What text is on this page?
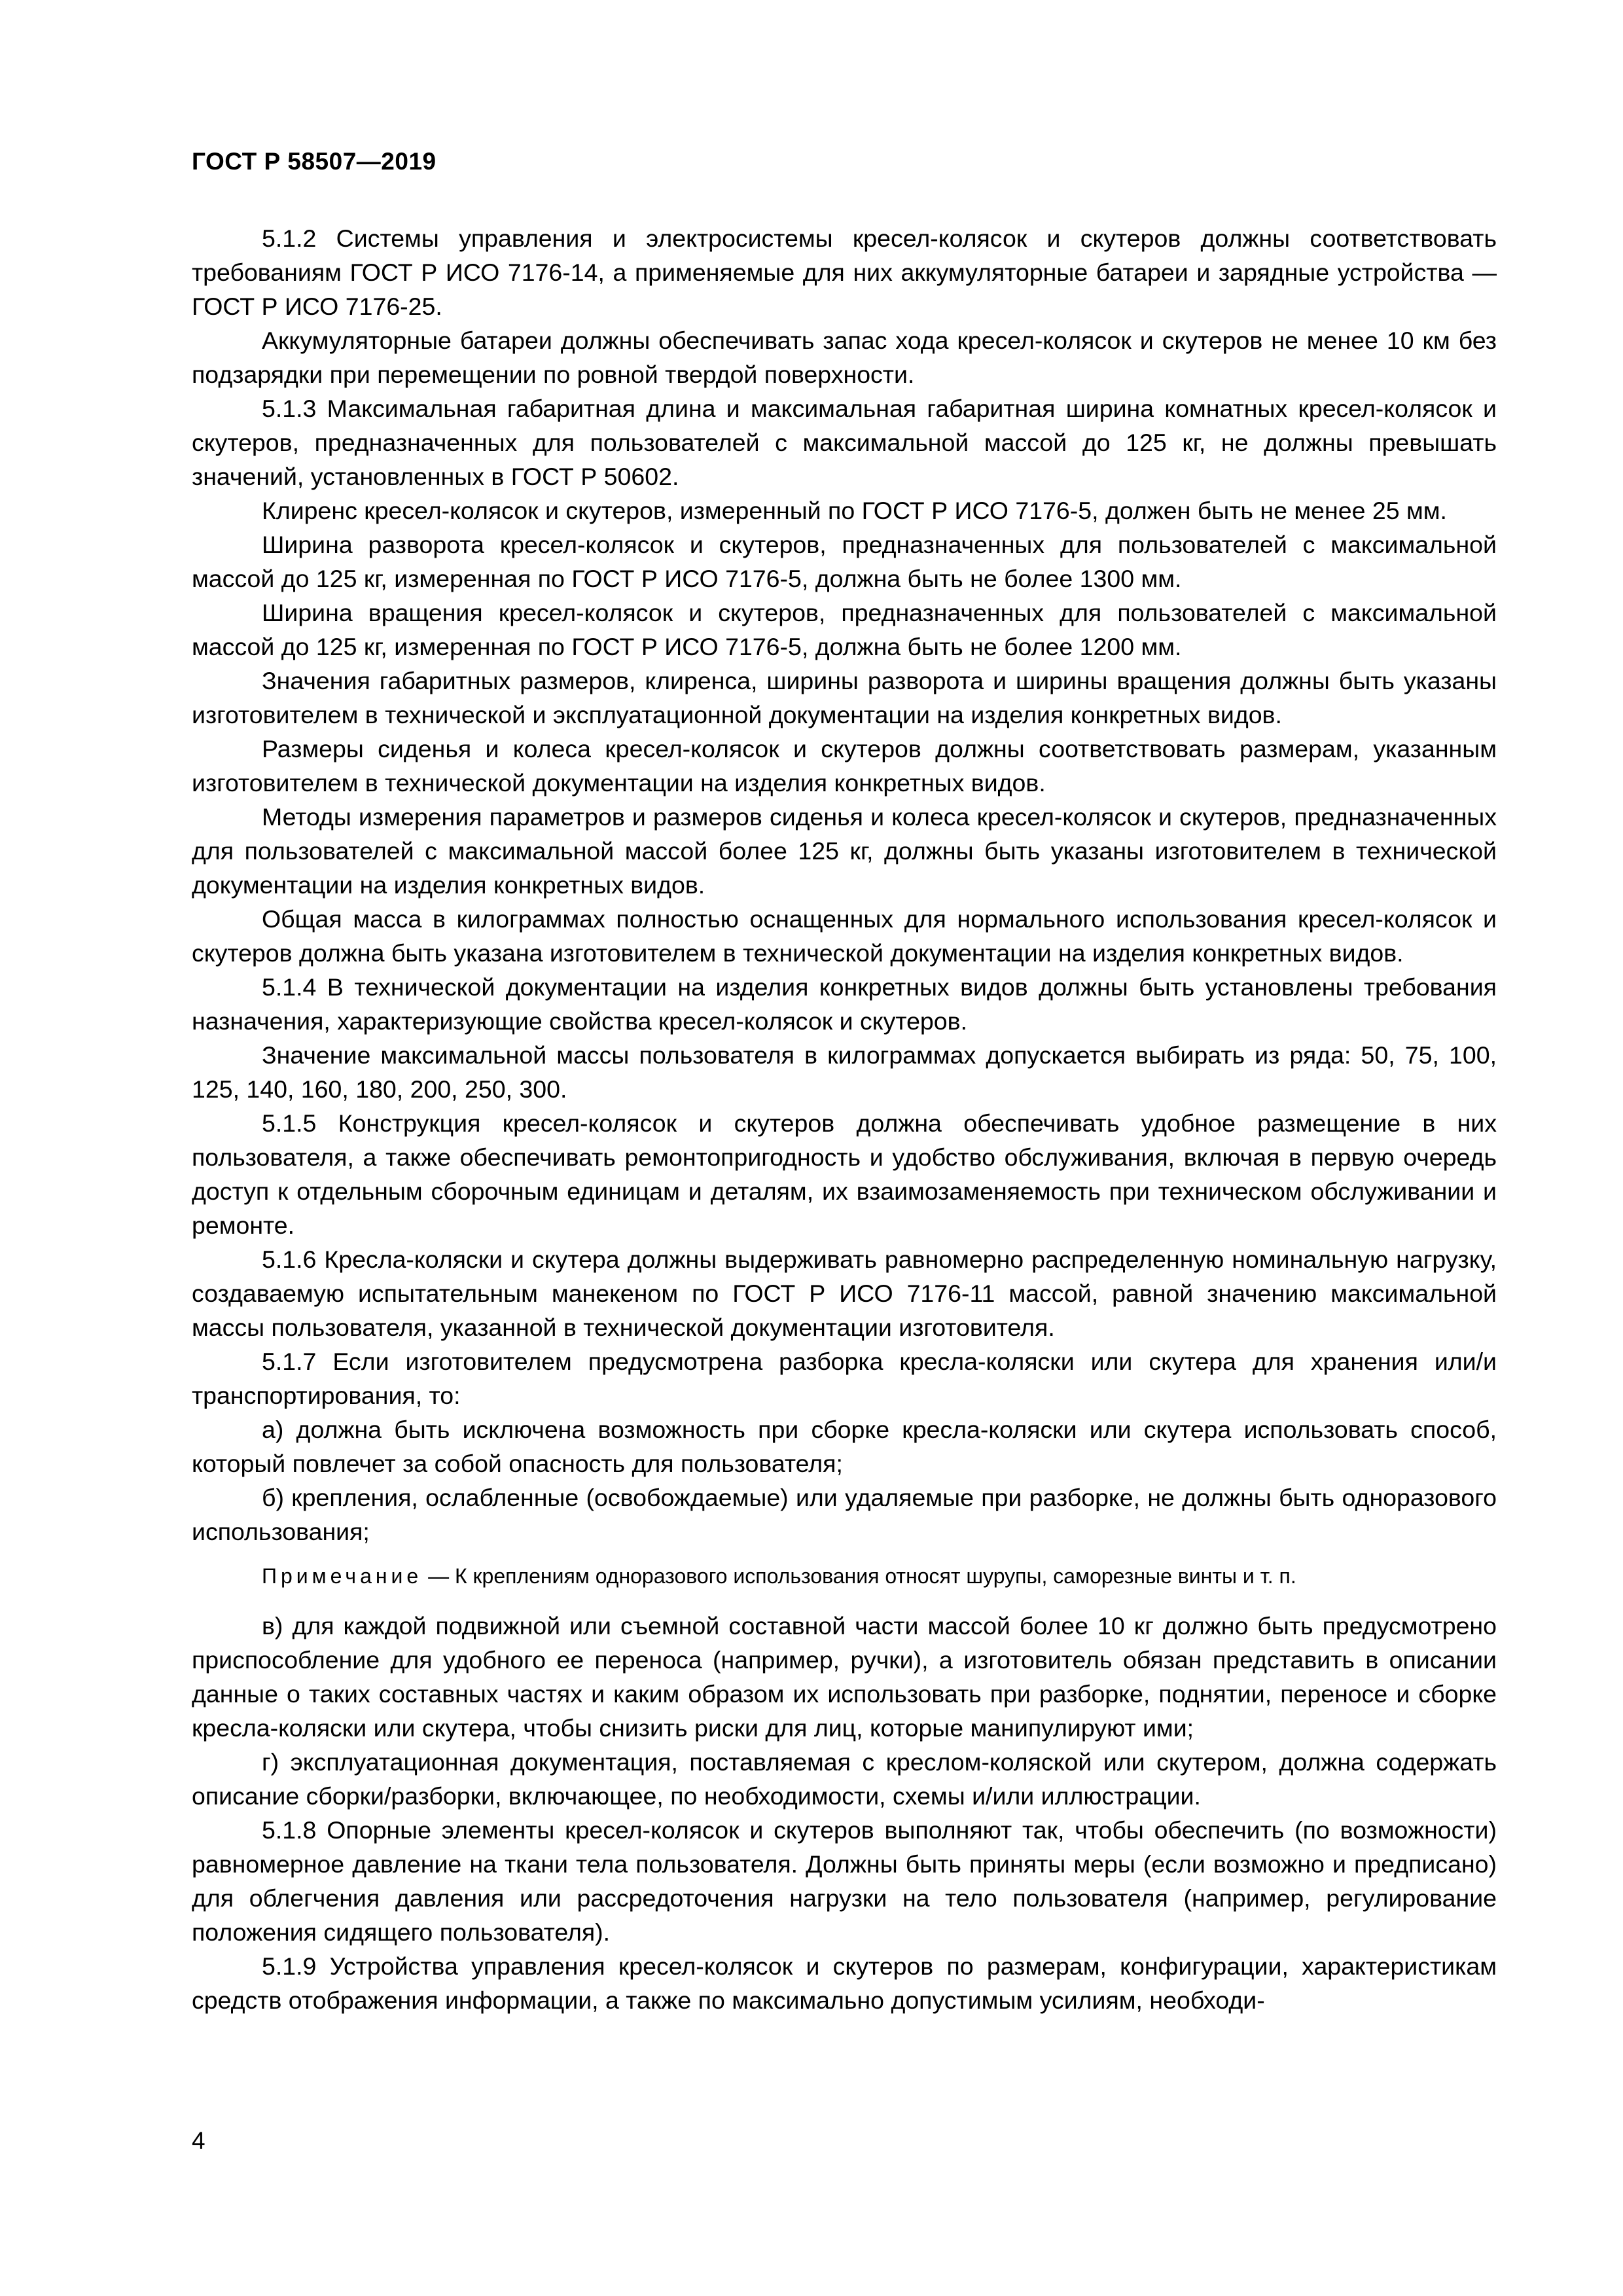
ГОСТ Р 58507—2019

5.1.2 Системы управления и электросистемы кресел-колясок и скутеров должны соответствовать требованиям ГОСТ Р ИСО 7176-14, а применяемые для них аккумуляторные батареи и зарядные устройства — ГОСТ Р ИСО 7176-25.

Аккумуляторные батареи должны обеспечивать запас хода кресел-колясок и скутеров не менее 10 км без подзарядки при перемещении по ровной твердой поверхности.

5.1.3 Максимальная габаритная длина и максимальная габаритная ширина комнатных кресел-колясок и скутеров, предназначенных для пользователей с максимальной массой до 125 кг, не должны превышать значений, установленных в ГОСТ Р 50602.

Клиренс кресел-колясок и скутеров, измеренный по ГОСТ Р ИСО 7176-5, должен быть не менее 25 мм.

Ширина разворота кресел-колясок и скутеров, предназначенных для пользователей с максимальной массой до 125 кг, измеренная по ГОСТ Р ИСО 7176-5, должна быть не более 1300 мм.

Ширина вращения кресел-колясок и скутеров, предназначенных для пользователей с максимальной массой до 125 кг, измеренная по ГОСТ Р ИСО 7176-5, должна быть не более 1200 мм.

Значения габаритных размеров, клиренса, ширины разворота и ширины вращения должны быть указаны изготовителем в технической и эксплуатационной документации на изделия конкретных видов.

Размеры сиденья и колеса кресел-колясок и скутеров должны соответствовать размерам, указанным изготовителем в технической документации на изделия конкретных видов.

Методы измерения параметров и размеров сиденья и колеса кресел-колясок и скутеров, предназначенных для пользователей с максимальной массой более 125 кг, должны быть указаны изготовителем в технической документации на изделия конкретных видов.

Общая масса в килограммах полностью оснащенных для нормального использования кресел-колясок и скутеров должна быть указана изготовителем в технической документации на изделия конкретных видов.

5.1.4 В технической документации на изделия конкретных видов должны быть установлены требования назначения, характеризующие свойства кресел-колясок и скутеров.

Значение максимальной массы пользователя в килограммах допускается выбирать из ряда: 50, 75, 100, 125, 140, 160, 180, 200, 250, 300.

5.1.5 Конструкция кресел-колясок и скутеров должна обеспечивать удобное размещение в них пользователя, а также обеспечивать ремонтопригодность и удобство обслуживания, включая в первую очередь доступ к отдельным сборочным единицам и деталям, их взаимозаменяемость при техническом обслуживании и ремонте.

5.1.6 Кресла-коляски и скутера должны выдерживать равномерно распределенную номинальную нагрузку, создаваемую испытательным манекеном по ГОСТ Р ИСО 7176-11 массой, равной значению максимальной массы пользователя, указанной в технической документации изготовителя.

5.1.7 Если изготовителем предусмотрена разборка кресла-коляски или скутера для хранения или/и транспортирования, то:

а) должна быть исключена возможность при сборке кресла-коляски или скутера использовать способ, который повлечет за собой опасность для пользователя;

б) крепления, ослабленные (освобождаемые) или удаляемые при разборке, не должны быть одноразового использования;

Примечание — К креплениям одноразового использования относят шурупы, саморезные винты и т. п.

в) для каждой подвижной или съемной составной части массой более 10 кг должно быть предусмотрено приспособление для удобного ее переноса (например, ручки), а изготовитель обязан представить в описании данные о таких составных частях и каким образом их использовать при разборке, поднятии, переносе и сборке кресла-коляски или скутера, чтобы снизить риски для лиц, которые манипулируют ими;

г) эксплуатационная документация, поставляемая с креслом-коляской или скутером, должна содержать описание сборки/разборки, включающее, по необходимости, схемы и/или иллюстрации.

5.1.8 Опорные элементы кресел-колясок и скутеров выполняют так, чтобы обеспечить (по возможности) равномерное давление на ткани тела пользователя. Должны быть приняты меры (если возможно и предписано) для облегчения давления или рассредоточения нагрузки на тело пользователя (например, регулирование положения сидящего пользователя).

5.1.9 Устройства управления кресел-колясок и скутеров по размерам, конфигурации, характеристикам средств отображения информации, а также по максимально допустимым усилиям, необходи-

4
